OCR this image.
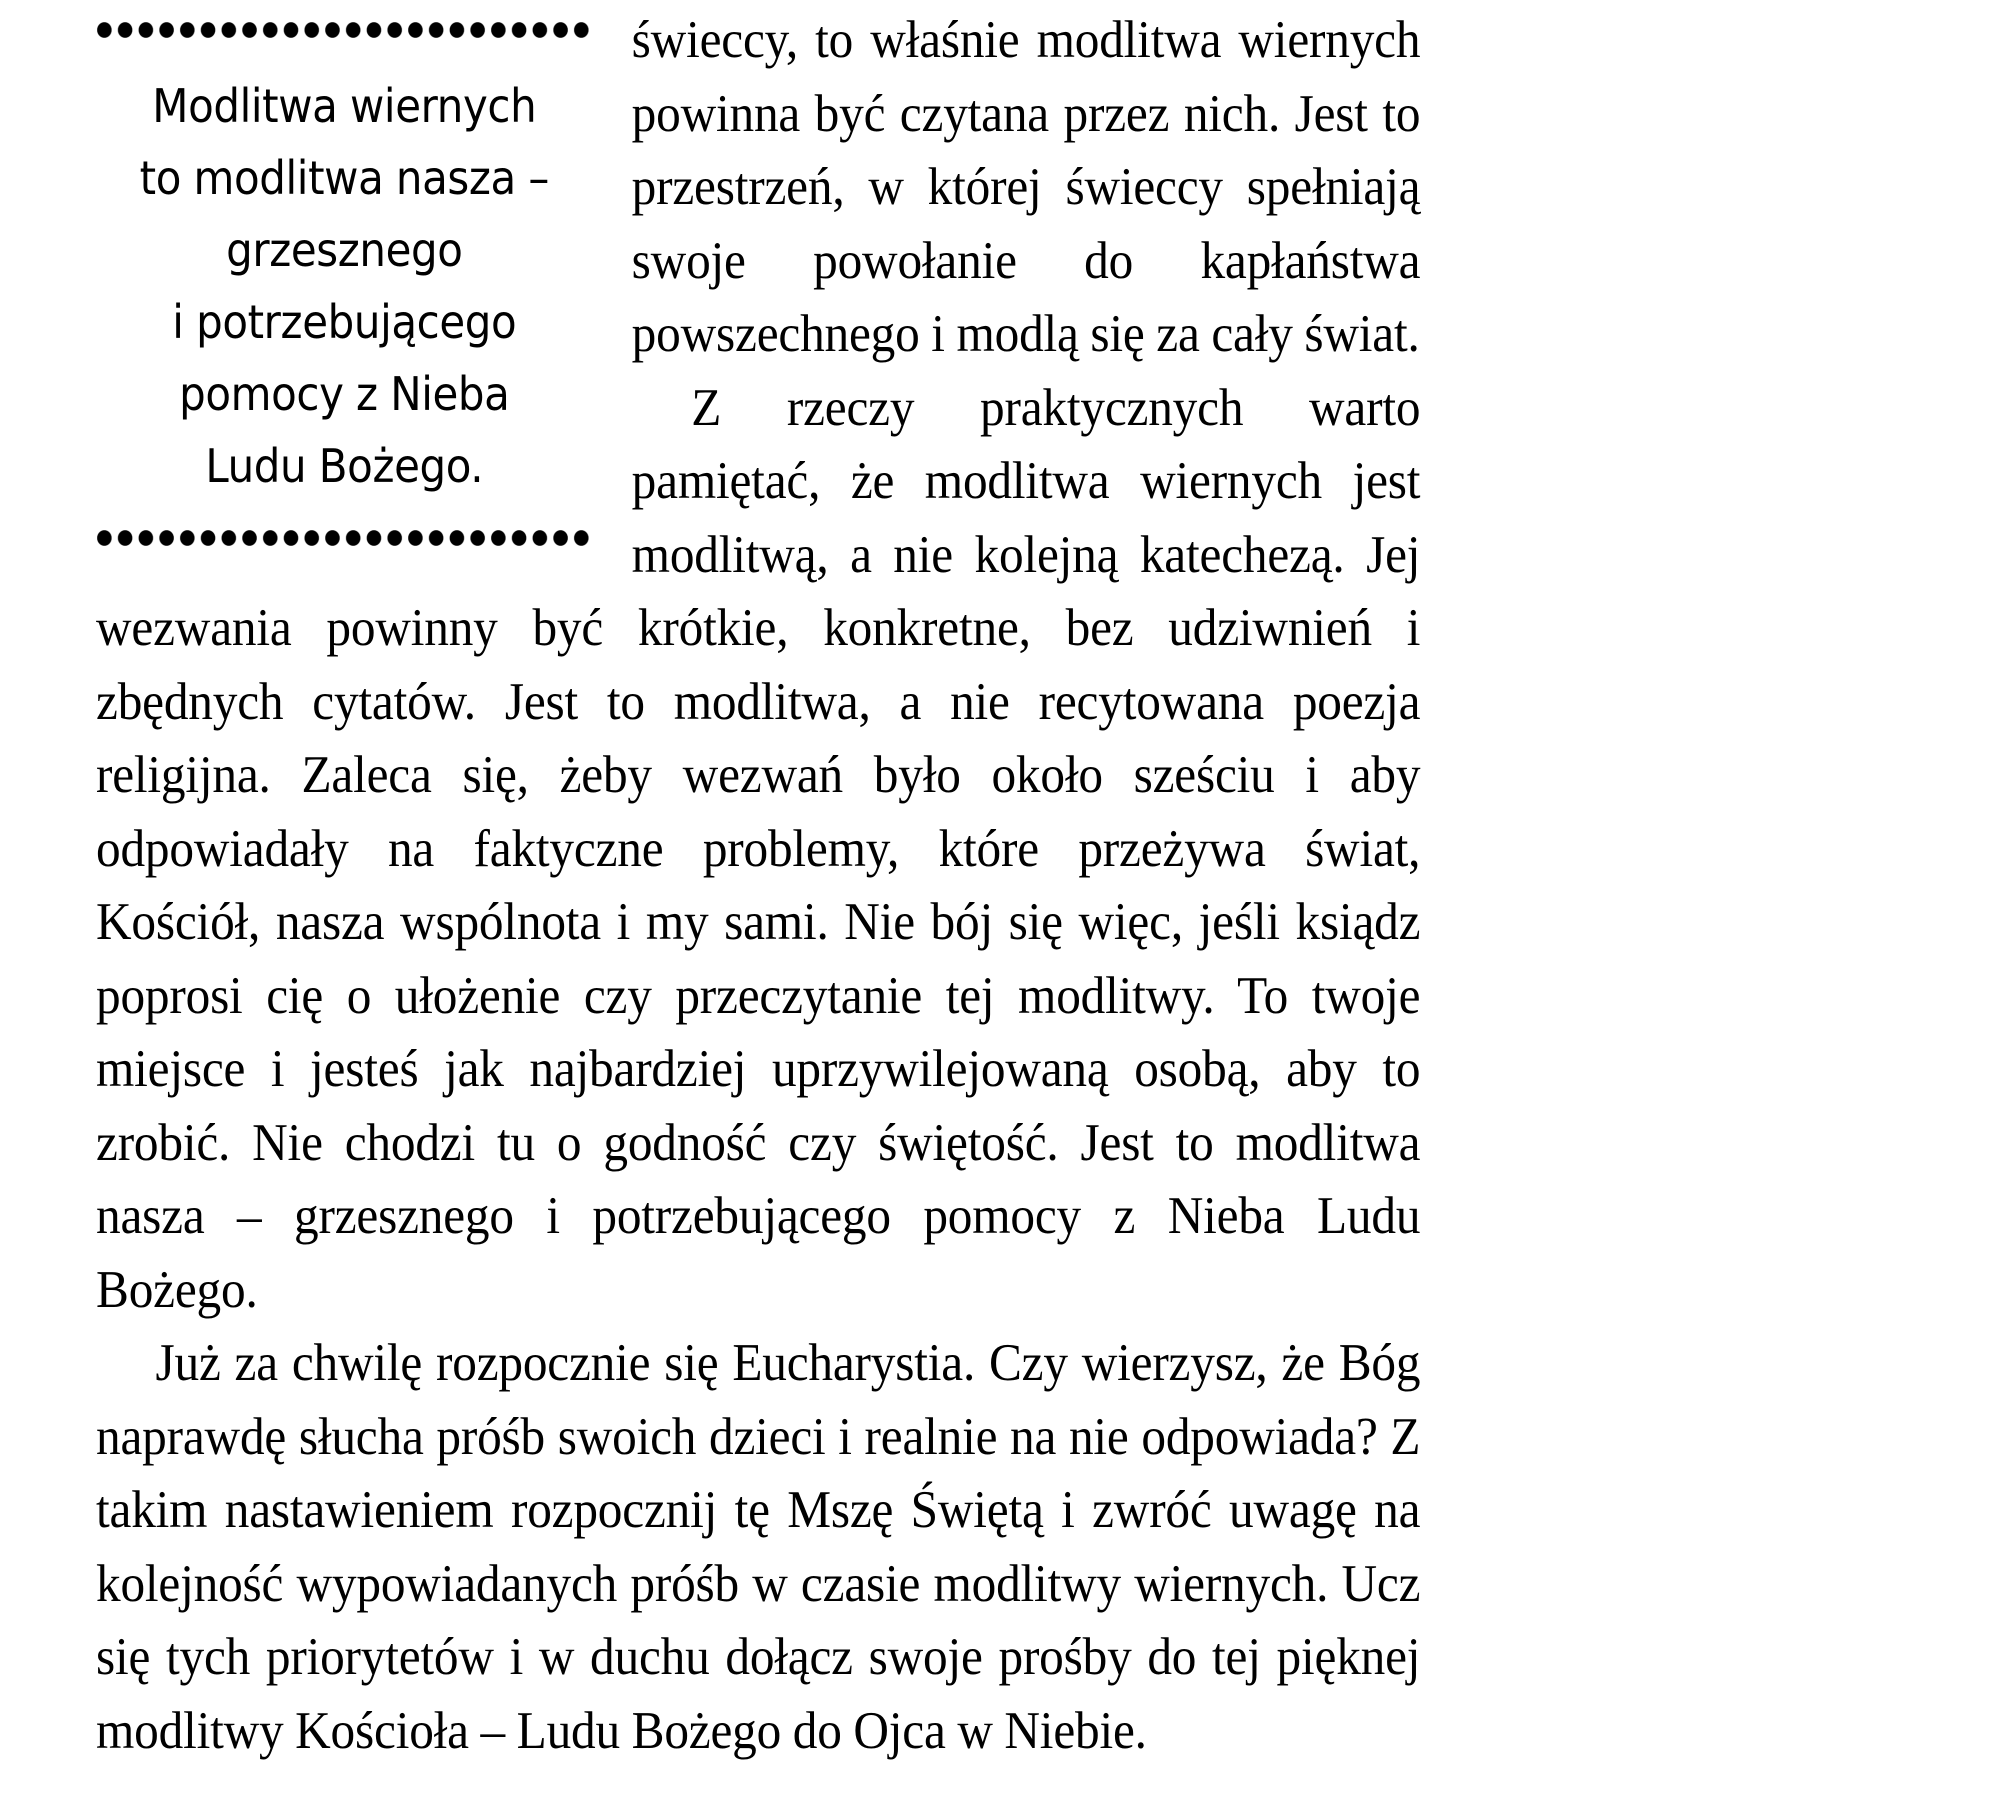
Modlitwa wiernych
to modlitwa nasza –
grzesznego
i potrzebującego
pomocy z Nieba
Ludu Bożego.

świeccy, to właśnie modlitwa wiernych powinna być czytana przez nich. Jest to przestrzeń, w której świeccy spełniają swoje powołanie do kapłaństwa powszechnego i modlą się za cały świat.

Z rzeczy praktycznych warto pamiętać, że modlitwa wiernych jest modlitwą, a nie kolejną katechezą. Jej wezwania powinny być krótkie, konkretne, bez udziwnień i zbędnych cytatów. Jest to modlitwa, a nie recytowana poezja religijna. Zaleca się, żeby wezwań było około sześciu i aby odpowiadały na faktyczne problemy, które przeżywa świat, Kościół, nasza wspólnota i my sami. Nie bój się więc, jeśli ksiądz poprosi cię o ułożenie czy przeczytanie tej modlitwy. To twoje miejsce i jesteś jak najbardziej uprzywilejowaną osobą, aby to zrobić. Nie chodzi tu o godność czy świętość. Jest to modlitwa nasza – grzesznego i potrzebującego pomocy z Nieba Ludu Bożego.

Już za chwilę rozpocznie się Eucharystia. Czy wierzysz, że Bóg naprawdę słucha próśb swoich dzieci i realnie na nie odpowiada? Z takim nastawieniem rozpocznij tę Mszę Świętą i zwróć uwagę na kolejność wypowiadanych próśb w czasie modlitwy wiernych. Ucz się tych priorytetów i w duchu dołącz swoje prośby do tej pięknej modlitwy Kościoła – Ludu Bożego do Ojca w Niebie.
